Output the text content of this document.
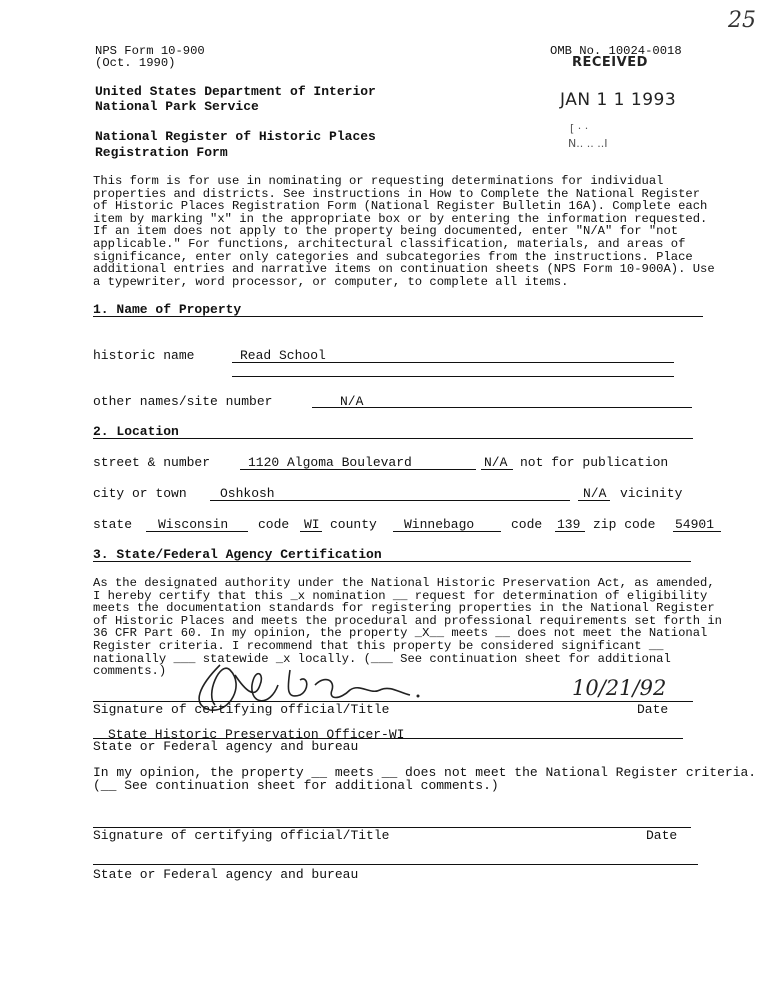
25
NPS Form 10-900
(Oct. 1990)
OMB No. 10024-0018
RECEIVED
JAN 1 1 1993
[ · ·
N.. .. ..I
United States Department of Interior
National Park Service
National Register of Historic Places
Registration Form
This form is for use in nominating or requesting determinations for individual
properties and districts. See instructions in How to Complete the National Register
of Historic Places Registration Form (National Register Bulletin 16A). Complete each
item by marking "x" in the appropriate box or by entering the information requested.
If an item does not apply to the property being documented, enter "N/A" for "not
applicable." For functions, architectural classification, materials, and areas of
significance, enter only categories and subcategories from the instructions. Place
additional entries and narrative items on continuation sheets (NPS Form 10-900A). Use
a typewriter, word processor, or computer, to complete all items.
1. Name of Property
historic name	Read School
other names/site number	N/A
2. Location
street & number	1120 Algoma Boulevard	N/A not for publication
city or town	Oshkosh	N/A vicinity
state Wisconsin code WI county Winnebago	code 139 zip code 54901
3. State/Federal Agency Certification
As the designated authority under the National Historic Preservation Act, as amended,
I hereby certify that this _x nomination __ request for determination of eligibility
meets the documentation standards for registering properties in the National Register
of Historic Places and meets the procedural and professional requirements set forth in
36 CFR Part 60. In my opinion, the property _X__ meets __ does not meet the National
Register criteria. I recommend that this property be considered significant __
nationally ___ statewide _x locally. (___ See continuation sheet for additional
comments.)
10/21/92
Signature of certifying official/Title	Date
State Historic Preservation Officer-WI
State or Federal agency and bureau
In my opinion, the property __ meets __ does not meet the National Register criteria.
(__ See continuation sheet for additional comments.)
Signature of certifying official/Title	Date
State or Federal agency and bureau
